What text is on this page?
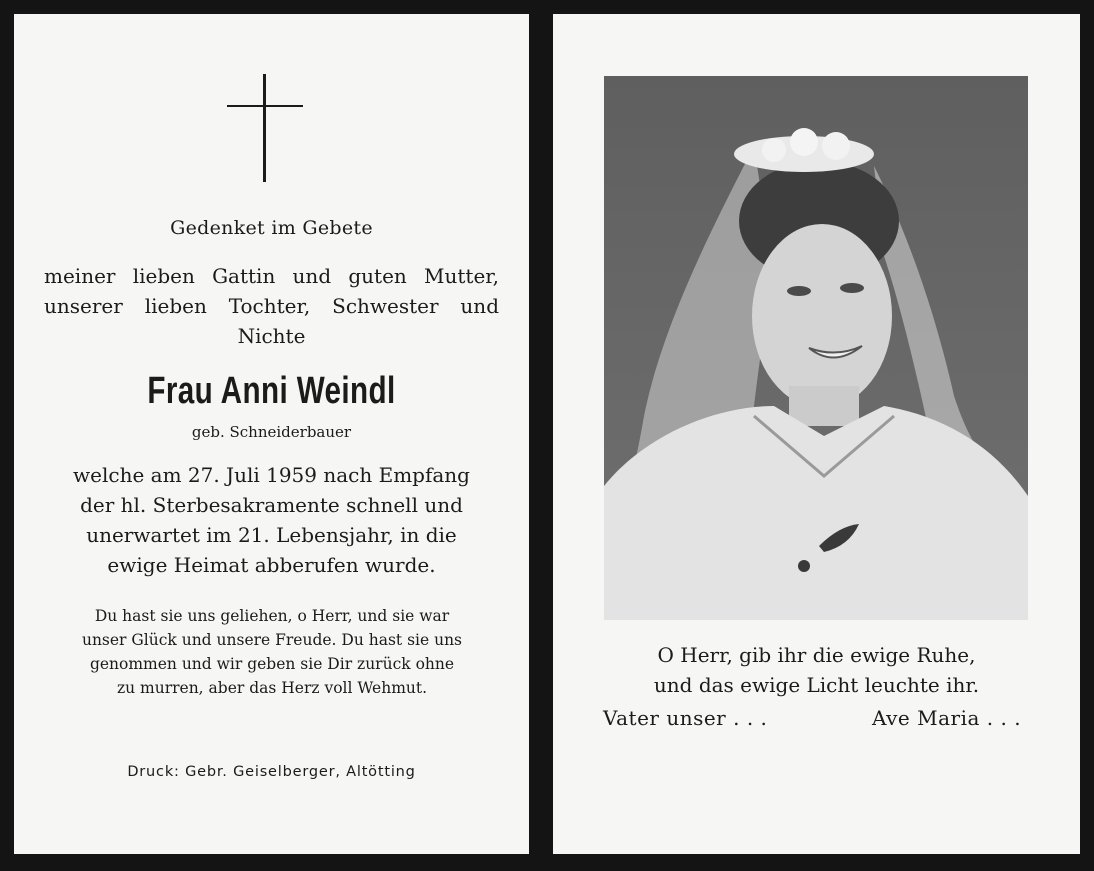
Gedenket im Gebete
meiner lieben Gattin und guten Mutter,
unserer lieben Tochter, Schwester und
Nichte
Frau Anni Weindl
geb. Schneiderbauer
welche am 27. Juli 1959 nach Empfang
der hl. Sterbesakramente schnell und
unerwartet im 21. Lebensjahr, in die
ewige Heimat abberufen wurde.
Du hast sie uns geliehen, o Herr, und sie war
unser Glück und unsere Freude. Du hast sie uns
genommen und wir geben sie Dir zurück ohne
zu murren, aber das Herz voll Wehmut.
Druck: Gebr. Geiselberger, Altötting
O Herr, gib ihr die ewige Ruhe,
und das ewige Licht leuchte ihr.
Vater unser . . .	Ave Maria . . .
